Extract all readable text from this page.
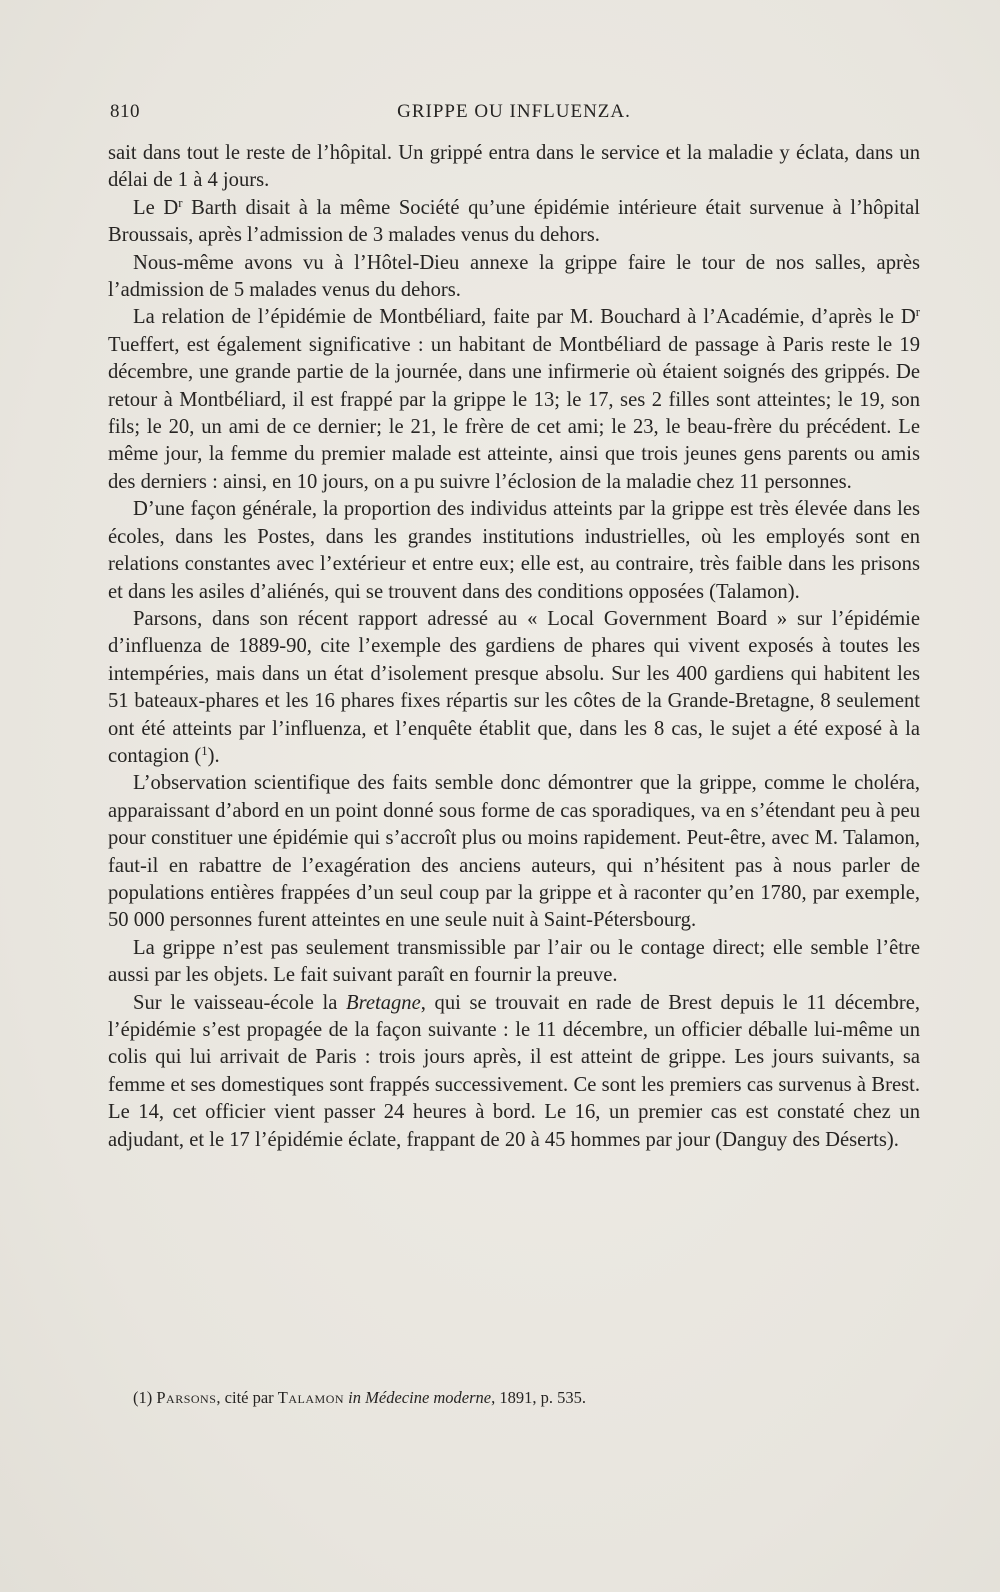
810	GRIPPE OU INFLUENZA.

sait dans tout le reste de l’hôpital. Un grippé entra dans le service et la maladie y éclata, dans un délai de 1 à 4 jours.

Le $D^r$ Barth disait à la même Société qu’une épidémie intérieure était survenue à l’hôpital Broussais, après l’admission de 3 malades venus du dehors.

Nous-même avons vu à l’Hôtel-Dieu annexe la grippe faire le tour de nos salles, après l’admission de 5 malades venus du dehors.

La relation de l’épidémie de Montbéliard, faite par M. Bouchard à l’Académie, d’après le $D^r$ Tueffert, est également significative : un habitant de Montbéliard de passage à Paris reste le 19 décembre, une grande partie de la journée, dans une infirmerie où étaient soignés des grippés. De retour à Montbéliard, il est frappé par la grippe le 13; le 17, ses 2 filles sont atteintes; le 19, son fils; le 20, un ami de ce dernier; le 21, le frère de cet ami; le 23, le beau-frère du précédent. Le même jour, la femme du premier malade est atteinte, ainsi que trois jeunes gens parents ou amis des derniers : ainsi, en 10 jours, on a pu suivre l’éclosion de la maladie chez 11 personnes.

D’une façon générale, la proportion des individus atteints par la grippe est très élevée dans les écoles, dans les Postes, dans les grandes institutions industrielles, où les employés sont en relations constantes avec l’extérieur et entre eux; elle est, au contraire, très faible dans les prisons et dans les asiles d’aliénés, qui se trouvent dans des conditions opposées (Talamon).

Parsons, dans son récent rapport adressé au « Local Government Board » sur l’épidémie d’influenza de 1889-90, cite l’exemple des gardiens de phares qui vivent exposés à toutes les intempéries, mais dans un état d’isolement presque absolu. Sur les 400 gardiens qui habitent les 51 bateaux-phares et les 16 phares fixes répartis sur les côtes de la Grande-Bretagne, 8 seulement ont été atteints par l’influenza, et l’enquête établit que, dans les 8 cas, le sujet a été exposé à la contagion ($^1$).

L’observation scientifique des faits semble donc démontrer que la grippe, comme le choléra, apparaissant d’abord en un point donné sous forme de cas sporadiques, va en s’étendant peu à peu pour constituer une épidémie qui s’accroît plus ou moins rapidement. Peut-être, avec M. Talamon, faut-il en rabattre de l’exagération des anciens auteurs, qui n’hésitent pas à nous parler de populations entières frappées d’un seul coup par la grippe et à raconter qu’en 1780, par exemple, 50 000 personnes furent atteintes en une seule nuit à Saint-Pétersbourg.

La grippe n’est pas seulement transmissible par l’air ou le contage direct; elle semble l’être aussi par les objets. Le fait suivant paraît en fournir la preuve.

Sur le vaisseau-école la Bretagne, qui se trouvait en rade de Brest depuis le 11 décembre, l’épidémie s’est propagée de la façon suivante : le 11 décembre, un officier déballe lui-même un colis qui lui arrivait de Paris : trois jours après, il est atteint de grippe. Les jours suivants, sa femme et ses domestiques sont frappés successivement. Ce sont les premiers cas survenus à Brest. Le 14, cet officier vient passer 24 heures à bord. Le 16, un premier cas est constaté chez un adjudant, et le 17 l’épidémie éclate, frappant de 20 à 45 hommes par jour (Danguy des Déserts).

(1) Parsons, cité par Talamon in Médecine moderne, 1891, p. 535.
